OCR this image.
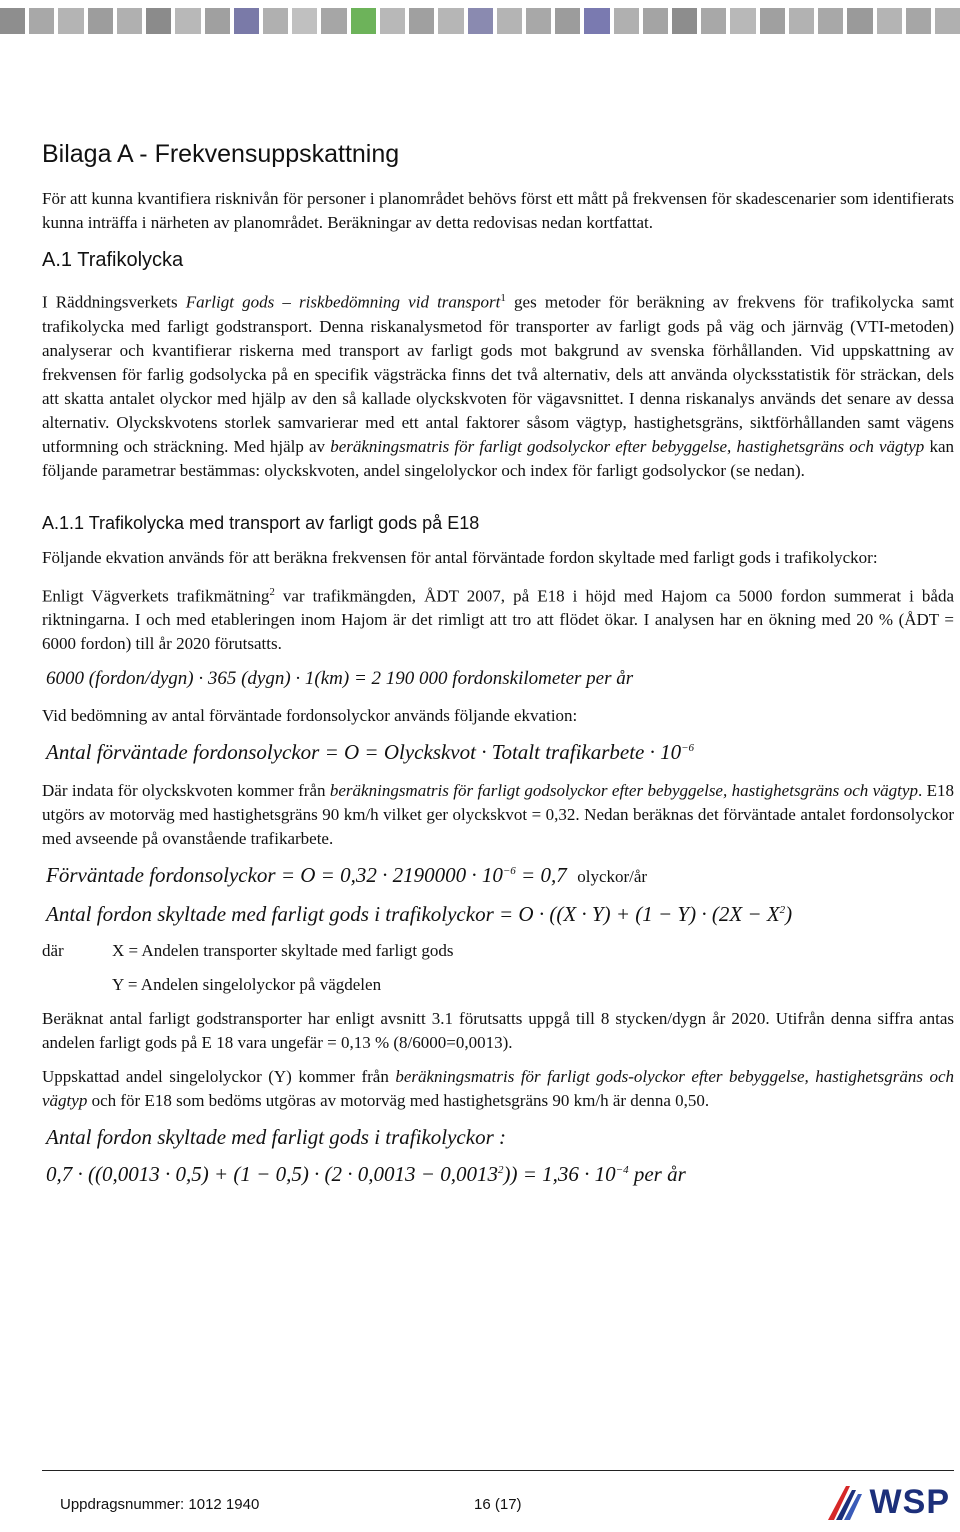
Bilaga A - Frekvensuppskattning

För att kunna kvantifiera risknivån för personer i planområdet behövs först ett mått på frekvensen för skadescenarier som identifierats kunna inträffa i närheten av planområdet. Beräkningar av detta redovisas nedan kortfattat.

A.1 Trafikolycka

I Räddningsverkets Farligt gods – riskbedömning vid transport$^1$ ges metoder för beräkning av frekvens för trafikolycka samt trafikolycka med farligt godstransport. Denna riskanalysmetod för transporter av farligt gods på väg och järnväg (VTI-metoden) analyserar och kvantifierar riskerna med transport av farligt gods mot bakgrund av svenska förhållanden. Vid uppskattning av frekvensen för farlig godsolycka på en specifik vägsträcka finns det två alternativ, dels att använda olycksstatistik för sträckan, dels att skatta antalet olyckor med hjälp av den så kallade olyckskvoten för vägavsnittet. I denna riskanalys används det senare av dessa alternativ. Olyckskvotens storlek samvarierar med ett antal faktorer såsom vägtyp, hastighetsgräns, siktförhållanden samt vägens utformning och sträckning. Med hjälp av beräkningsmatris för farligt godsolyckor efter bebyggelse, hastighetsgräns och vägtyp kan följande parametrar bestämmas: olyckskvoten, andel singelolyckor och index för farligt godsolyckor (se nedan).

A.1.1 Trafikolycka med transport av farligt gods på E18

Följande ekvation används för att beräkna frekvensen för antal förväntade fordon skyltade med farligt gods i trafikolyckor:

Enligt Vägverkets trafikmätning$^2$ var trafikmängden, ÅDT 2007, på E18 i höjd med Hajom ca 5000 fordon summerat i båda riktningarna. I och med etableringen inom Hajom är det rimligt att tro att flödet ökar. I analysen har en ökning med 20 % (ÅDT = 6000 fordon) till år 2020 förutsatts.

6000 (fordon/dygn) · 365 (dygn) · 1(km) = 2 190 000 fordonskilometer per år

Vid bedömning av antal förväntade fordonsolyckor används följande ekvation:

Antal förväntade fordonsolyckor = O = Olyckskvot · Totalt trafikarbete · $10^{-6}$

Där indata för olyckskvoten kommer från beräkningsmatris för farligt godsolyckor efter bebyggelse, hastighetsgräns och vägtyp. E18 utgörs av motorväg med hastighetsgräns 90 km/h vilket ger olyckskvot = 0,32. Nedan beräknas det förväntade antalet fordonsolyckor med avseende på ovanstående trafikarbete.

Förväntade fordonsolyckor = $O = 0,32 \cdot 2190000 \cdot 10^{-6} = 0,7$ olyckor/år
Antal fordon skyltade med farligt gods i trafikolyckor = $O \cdot ((X \cdot Y) + (1 - Y) \cdot (2X - X^2)$
där	X = Andelen transporter skyltade med farligt gods
Y = Andelen singelolyckor på vägdelen

Beräknat antal farligt godstransporter har enligt avsnitt 3.1 förutsatts uppgå till 8 stycken/dygn år 2020. Utifrån denna siffra antas andelen farligt gods på E 18 vara ungefär = 0,13 % (8/6000=0,0013).

Uppskattad andel singelolyckor (Y) kommer från beräkningsmatris för farligt gods-olyckor efter bebyggelse, hastighetsgräns och vägtyp och för E18 som bedöms utgöras av motorväg med hastighetsgräns 90 km/h är denna 0,50.

Antal fordon skyltade med farligt gods i trafikolyckor :
$0,7 \cdot ((0,0013 \cdot 0,5) + (1 - 0,5) \cdot (2 \cdot 0,0013 - 0,0013^2)) = 1,36 \cdot 10^{-4}$ per år
Uppdragsnummer: 1012 1940	16 (17)	WSP
